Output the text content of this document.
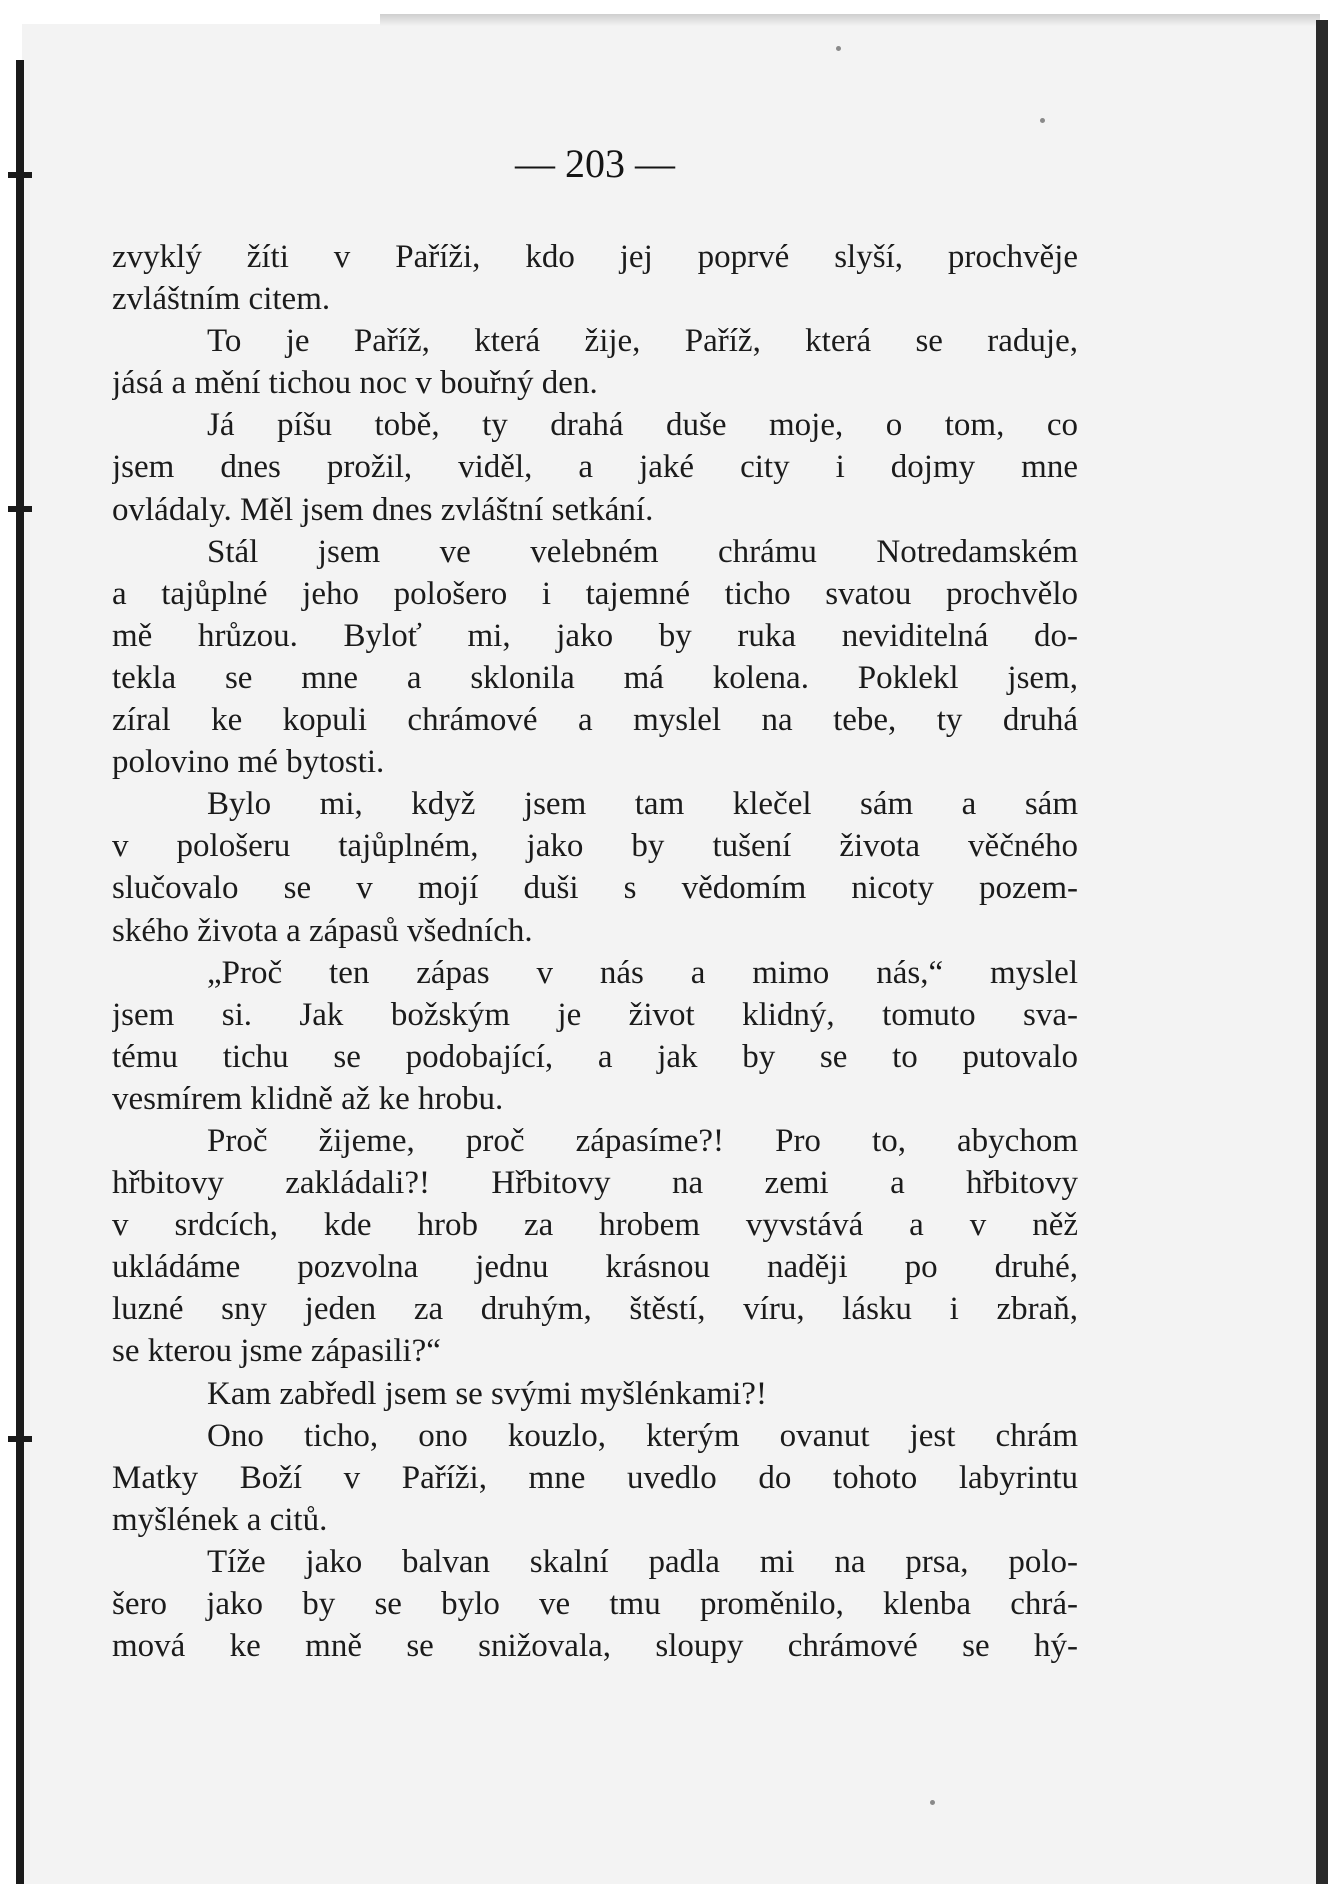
— 203 —
zvyklý žíti v Paříži, kdo jej poprvé slyší, prochvěje
zvláštním citem.
To je Paříž, která žije, Paříž, která se raduje,
jásá a mění tichou noc v bouřný den.
Já píšu tobě, ty drahá duše moje, o tom, co
jsem dnes prožil, viděl, a jaké city i dojmy mne
ovládaly. Měl jsem dnes zvláštní setkání.
Stál jsem ve velebném chrámu Notredamském
a tajůplné jeho pološero i tajemné ticho svatou prochvělo
mě hrůzou. Byloť mi, jako by ruka neviditelná do-
tekla se mne a sklonila má kolena. Poklekl jsem,
zíral ke kopuli chrámové a myslel na tebe, ty druhá
polovino mé bytosti.
Bylo mi, když jsem tam klečel sám a sám
v pološeru tajůplném, jako by tušení života věčného
slučovalo se v mojí duši s vědomím nicoty pozem-
ského života a zápasů všedních.
„Proč ten zápas v nás a mimo nás,“ myslel
jsem si. Jak božským je život klidný, tomuto sva-
tému tichu se podobající, a jak by se to putovalo
vesmírem klidně až ke hrobu.
Proč žijeme, proč zápasíme?! Pro to, abychom
hřbitovy zakládali?! Hřbitovy na zemi a hřbitovy
v srdcích, kde hrob za hrobem vyvstává a v něž
ukládáme pozvolna jednu krásnou naději po druhé,
luzné sny jeden za druhým, štěstí, víru, lásku i zbraň,
se kterou jsme zápasili?“
Kam zabředl jsem se svými myšlénkami?!
Ono ticho, ono kouzlo, kterým ovanut jest chrám
Matky Boží v Paříži, mne uvedlo do tohoto labyrintu
myšlének a citů.
Tíže jako balvan skalní padla mi na prsa, polo-
šero jako by se bylo ve tmu proměnilo, klenba chrá-
mová ke mně se snižovala, sloupy chrámové se hý-
